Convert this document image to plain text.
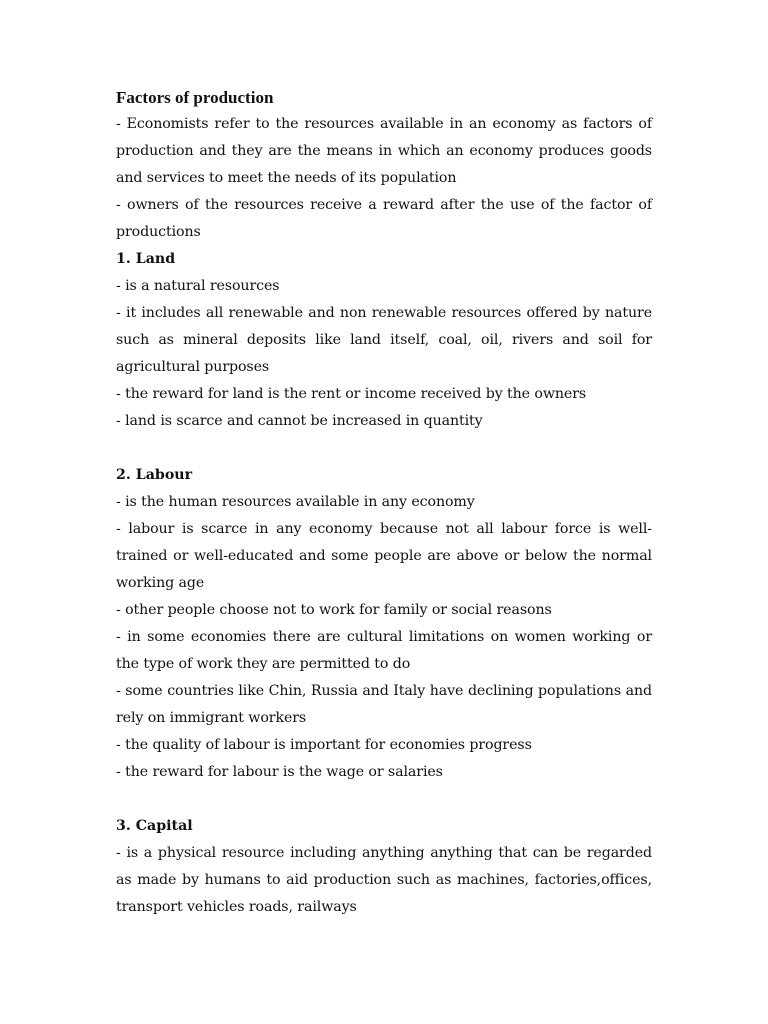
Factors of production

- Economists refer to the resources available in an economy as factors of production and they are the means in which an economy produces goods and services to meet the needs of its population

- owners of the resources receive a reward after the use of the factor of productions

1. Land

- is a natural resources

- it includes all renewable and non renewable resources offered by nature such as mineral deposits like land itself, coal, oil, rivers and soil for agricultural purposes

- the reward for land is the rent or income received by the owners

- land is scarce and cannot be increased in quantity

2. Labour

- is the human resources available in any economy

- labour is scarce in any economy because not all labour force is well-trained or well-educated and some people are above or below the normal working age

- other people choose not to work for family or social reasons

- in some economies there are cultural limitations on women working or the type of work they are permitted to do

- some countries like Chin, Russia and Italy have declining populations and rely on immigrant workers

- the quality of labour is important for economies progress

- the reward for labour is the wage or salaries

3. Capital

- is a physical resource including anything anything that can be regarded as made by humans to aid production such as machines, factories,offices, transport vehicles roads, railways
